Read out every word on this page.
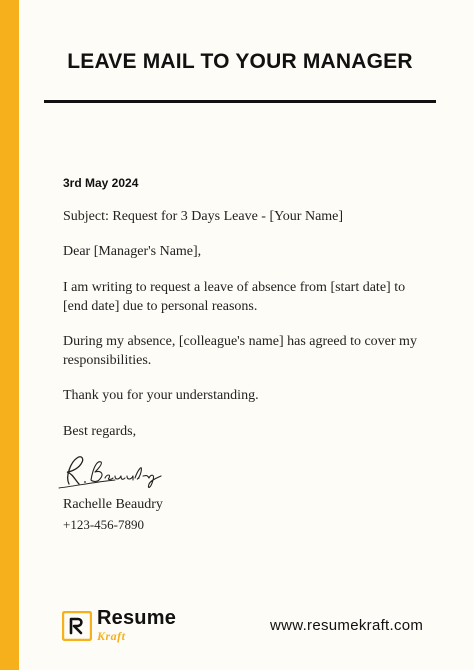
LEAVE MAIL TO YOUR MANAGER
3rd May 2024
Subject: Request for 3 Days Leave - [Your Name]
Dear [Manager's Name],
I am writing to request a leave of absence from [start date] to [end date] due to personal reasons.
During my absence, [colleague's name] has agreed to cover my responsibilities.
Thank you for your understanding.
Best regards,
Rachelle Beaudry
+123-456-7890
Resume
Kraft
www.resumekraft.com
